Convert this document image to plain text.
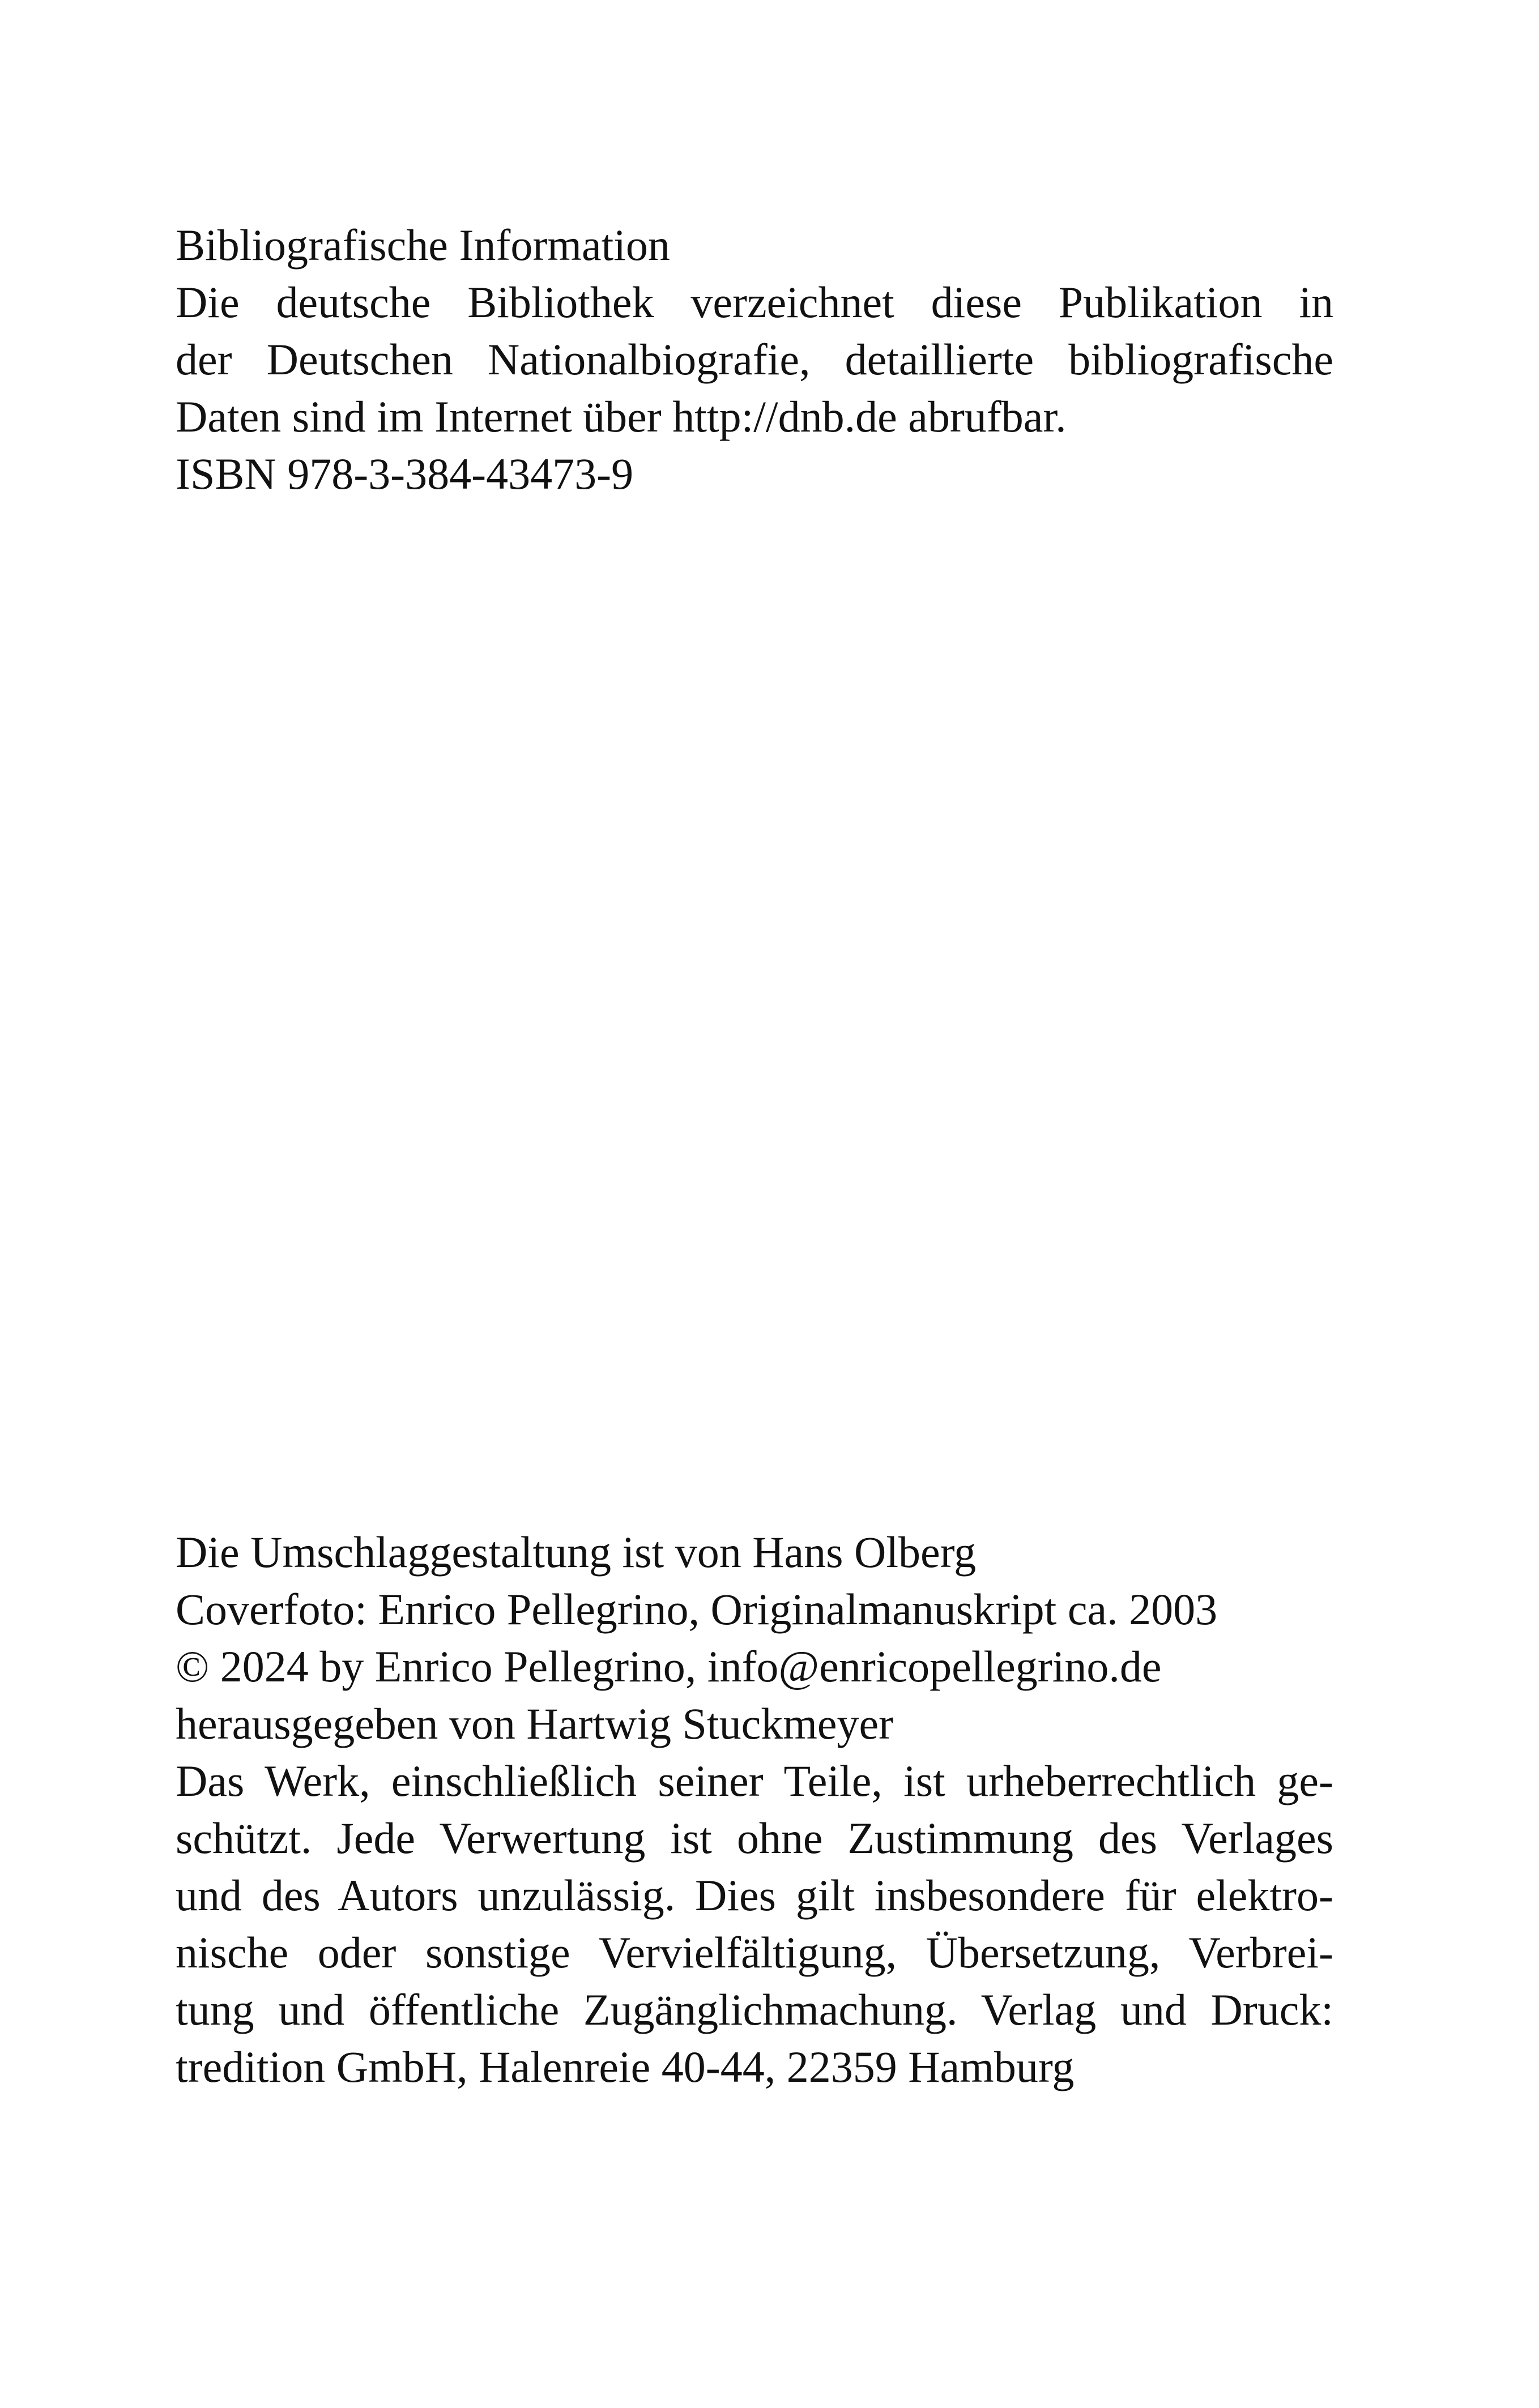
Bibliografische Information
Die deutsche Bibliothek verzeichnet diese Publikation in
der Deutschen Nationalbiografie, detaillierte bibliografische
Daten sind im Internet über http://dnb.de abrufbar.
ISBN 978-3-384-43473-9
Die Umschlaggestaltung ist von Hans Olberg
Coverfoto: Enrico Pellegrino, Originalmanuskript ca. 2003
© 2024 by Enrico Pellegrino, info@enricopellegrino.de
herausgegeben von Hartwig Stuckmeyer
Das Werk, einschließlich seiner Teile, ist urheberrechtlich ge-
schützt. Jede Verwertung ist ohne Zustimmung des Verlages
und des Autors unzulässig. Dies gilt insbesondere für elektro-
nische oder sonstige Vervielfältigung, Übersetzung, Verbrei-
tung und öffentliche Zugänglichmachung. Verlag und Druck:
tredition GmbH, Halenreie 40-44, 22359 Hamburg
